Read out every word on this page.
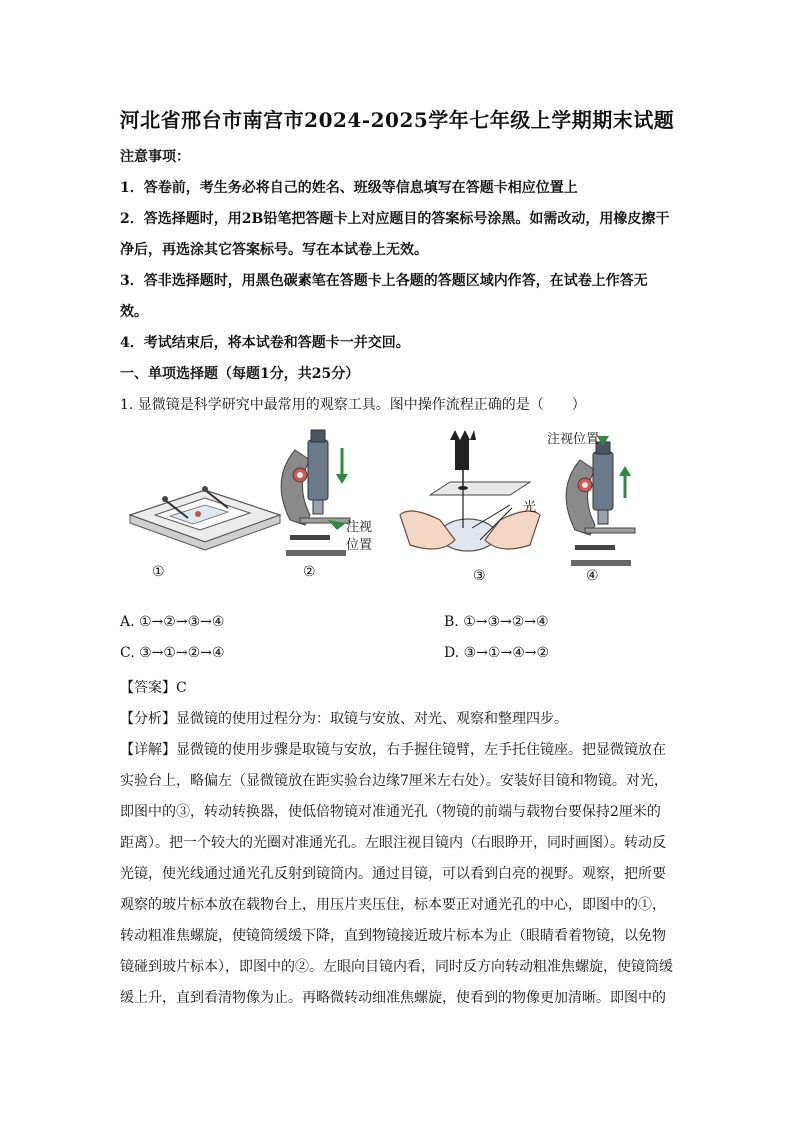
河北省邢台市南宫市2024-2025学年七年级上学期期末试题
注意事项：
1．答卷前，考生务必将自己的姓名、班级等信息填写在答题卡相应位置上
2．答选择题时，用2B铅笔把答题卡上对应题目的答案标号涂黑。如需改动，用橡皮擦干
净后，再选涂其它答案标号。写在本试卷上无效。
3．答非选择题时，用黑色碳素笔在答题卡上各题的答题区域内作答，在试卷上作答无
效。
4．考试结束后，将本试卷和答题卡一并交回。
一、单项选择题（每题1分，共25分）
1. 显微镜是科学研究中最常用的观察工具。图中操作流程正确的是（　　）
注视位置
注视
位置
光
①	②	③	④
A. ①→②→③→④	B. ①→③→②→④
C. ③→①→②→④	D. ③→①→④→②
【答案】C
【分析】显微镜的使用过程分为：取镜与安放、对光、观察和整理四步。
【详解】显微镜的使用步骤是取镜与安放，右手握住镜臂，左手托住镜座。把显微镜放在
实验台上，略偏左（显微镜放在距实验台边缘7厘米左右处）。安装好目镜和物镜。对光，
即图中的③，转动转换器，使低倍物镜对准通光孔（物镜的前端与载物台要保持2厘米的
距离）。把一个较大的光圈对准通光孔。左眼注视目镜内（右眼睁开，同时画图）。转动反
光镜，使光线通过通光孔反射到镜筒内。通过目镜，可以看到白亮的视野。观察，把所要
观察的玻片标本放在载物台上，用压片夹压住，标本要正对通光孔的中心，即图中的①，
转动粗准焦螺旋，使镜筒缓缓下降，直到物镜接近玻片标本为止（眼睛看着物镜，以免物
镜碰到玻片标本），即图中的②。左眼向目镜内看，同时反方向转动粗准焦螺旋，使镜筒缓
缓上升，直到看清物像为止。再略微转动细准焦螺旋，使看到的物像更加清晰。即图中的
